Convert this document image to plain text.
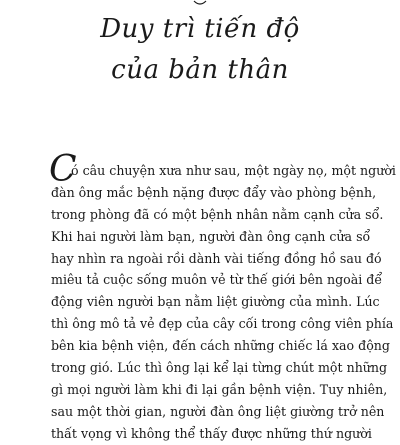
Duy trì tiến độ
của bản thân
C
ó câu chuyện xưa như sau, một ngày nọ, một người
đàn ông mắc bệnh nặng được đẩy vào phòng bệnh,
trong phòng đã có một bệnh nhân nằm cạnh cửa sổ.
Khi hai người làm bạn, người đàn ông cạnh cửa sổ
hay nhìn ra ngoài rồi dành vài tiếng đồng hồ sau đó
miêu tả cuộc sống muôn vẻ từ thế giới bên ngoài để
động viên người bạn nằm liệt giường của mình. Lúc
thì ông mô tả vẻ đẹp của cây cối trong công viên phía
bên kia bệnh viện, đến cách những chiếc lá xao động
trong gió. Lúc thì ông lại kể lại từng chút một những
gì mọi người làm khi đi lại gần bệnh viện. Tuy nhiên,
sau một thời gian, người đàn ông liệt giường trở nên
thất vọng vì không thể thấy được những thứ người
